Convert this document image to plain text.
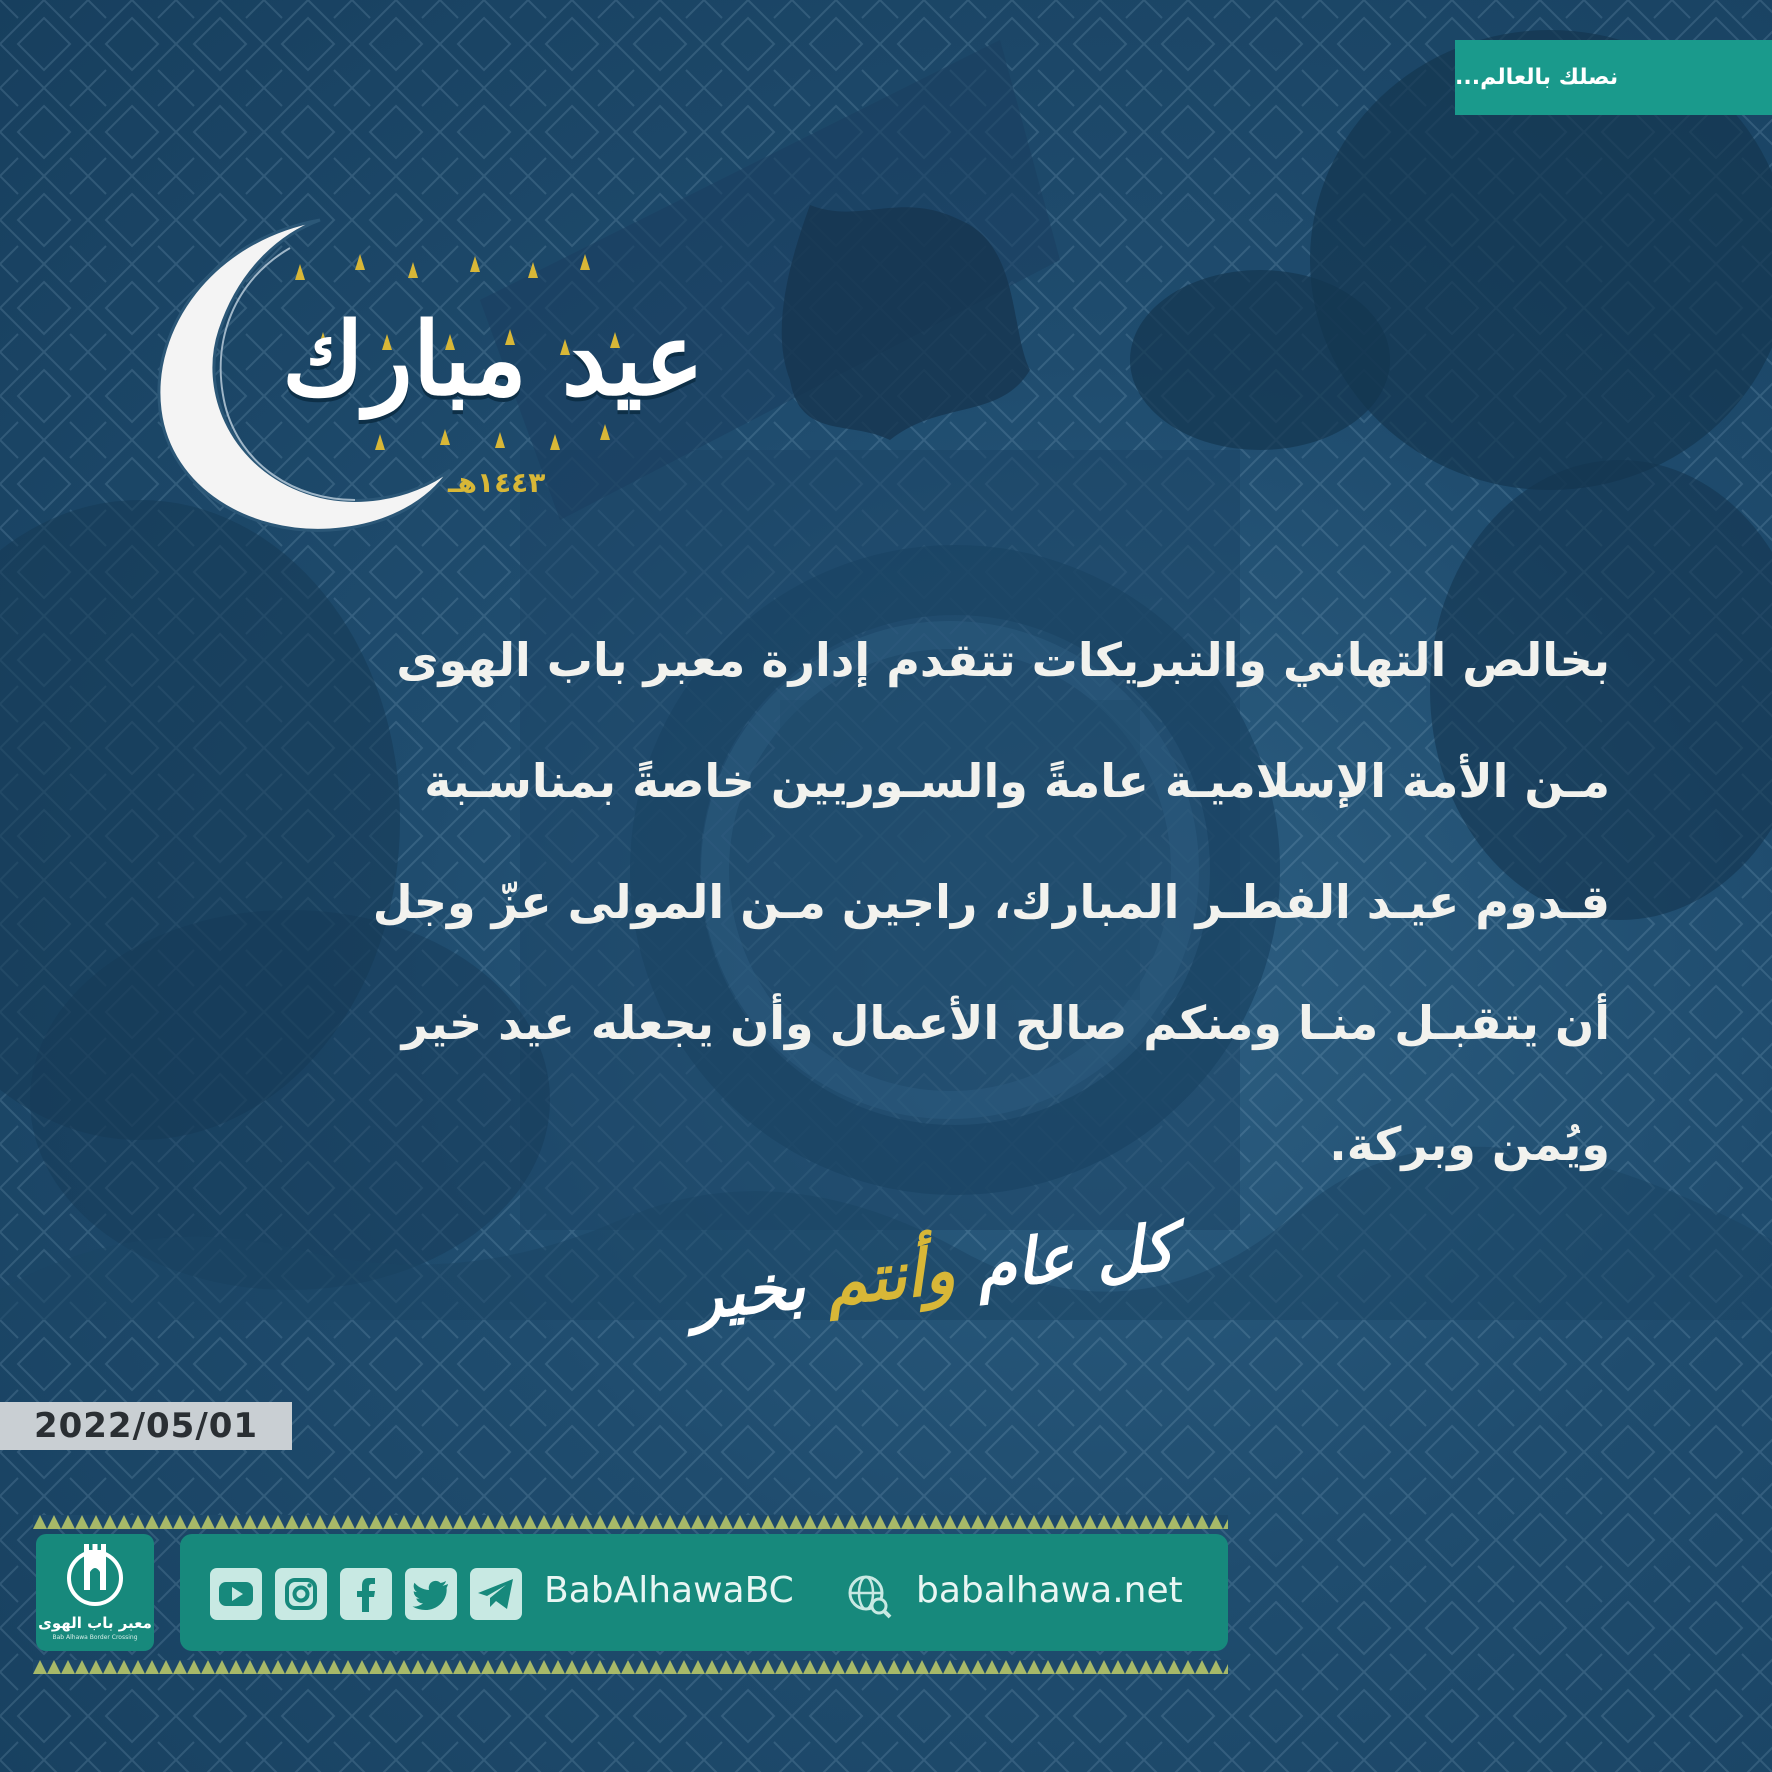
نصلك بالعالم...
عيد مبارك
١٤٤٣هـ

بخالص التهاني والتبريكات تتقدم إدارة معبر باب الهوى

مـن الأمة الإسلاميـة عامةً والسـوريين خاصةً بمناسـبة

قـدوم عيـد الفطـر المبارك، راجين مـن المولى عزّ وجل

أن يتقبـل منـا ومنكم صالح الأعمال وأن يجعله عيد خير

ويُمن وبركة.

كل عام وأنتم بخير
2022/05/01
معبر باب الهوى
Bab Alhawa Border Crossing
BabAlhawaBC	babalhawa.net
